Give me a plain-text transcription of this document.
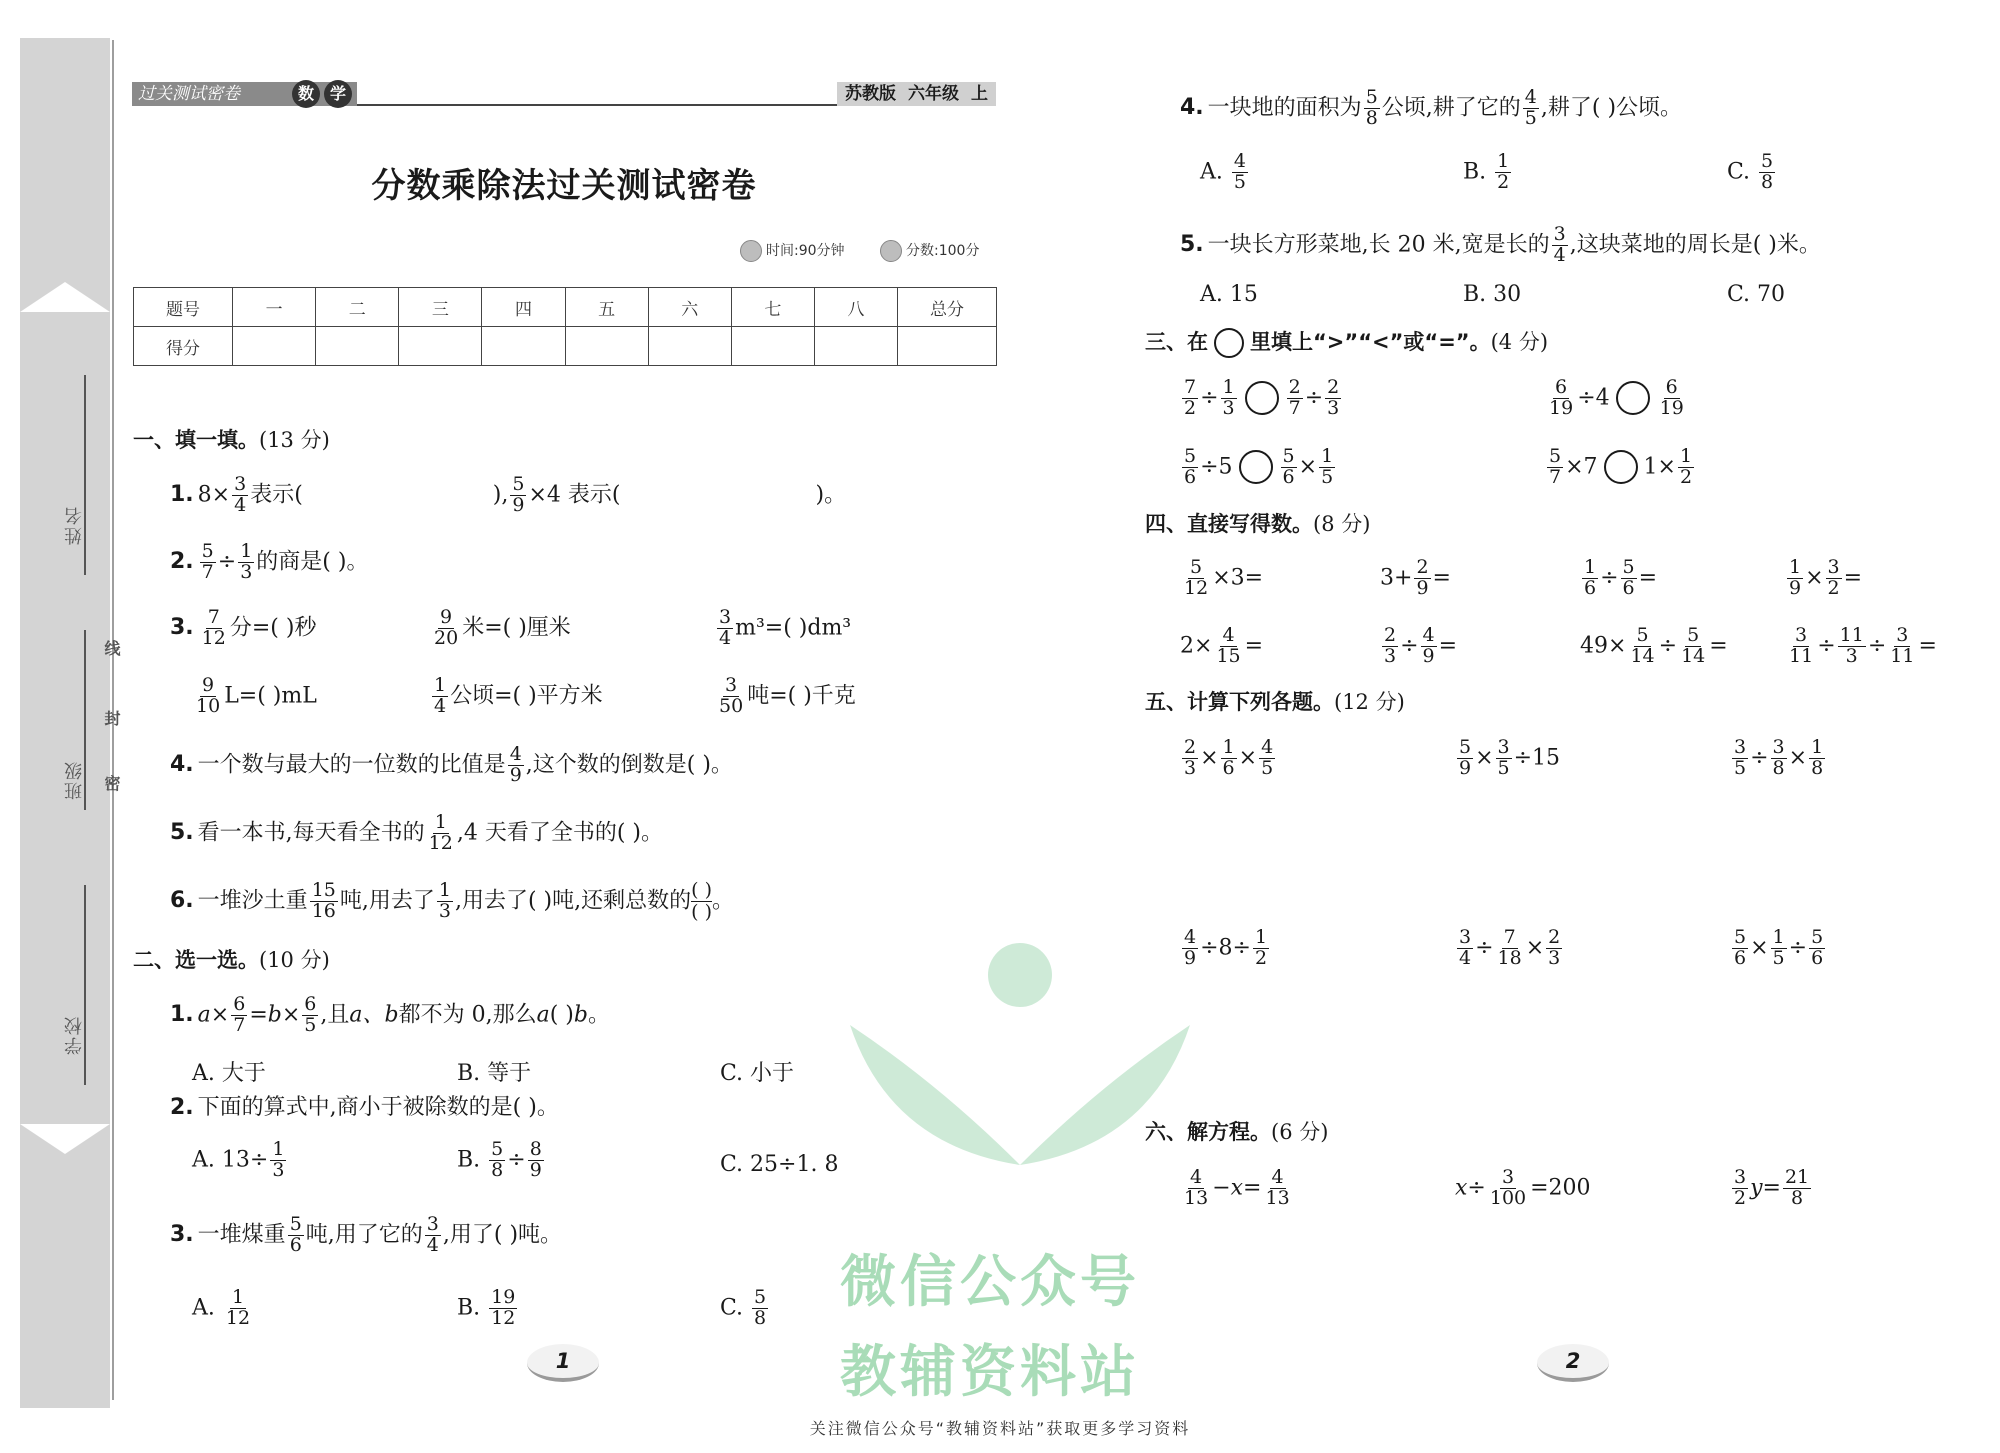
姓名
班级
学校
线
封
密
过关测试密卷	数 学	苏教版 六年级 上
分数乘除法过关测试密卷
时间:90分钟	分数:100分
题号	一	二	三	四	五	六	七	八	总分
得分									
一、填一填。(13 分)
1. $8\times \frac{3}{4}$ 表示(	), $\frac{5}{9} \times 4$ 表示(	)。
2. $\frac{5}{7} \div \frac{1}{3}$ 的商是( )。
3. $\frac{7}{12}$ 分=( )秒	$\frac{9}{20}$ 米=( )厘米	$\frac{3}{4} m^3=$( )dm³
$\frac{9}{10} L=$( )mL	$\frac{1}{4}$ 公顷=( )平方米	$\frac{3}{50}$ 吨=( )千克
4. 一个数与最大的一位数的比值是 $\frac{4}{9}$ ,这个数的倒数是( )。
5. 看一本书,每天看全书的 $\frac{1}{12} ,4$ 天看了全书的( )。
6. 一堆沙土重 $\frac{15}{16}$ 吨,用去了 $\frac{1}{3}$ ,用去了( )吨,还剩总数的 $\frac{( )}{( )}$ 。
二、选一选。(10 分)
1. $a\times \frac{6}{7} =b\times \frac{6}{5}$ ,且a、b都不为 0,那么a( )b。
A. 大于	B. 等于	C. 小于
2. 下面的算式中,商小于被除数的是( )。
A. $13\div \frac{1}{3}$	B. $\frac{5}{8} \div \frac{8}{9}$	C. 25÷1. 8
3. 一堆煤重 $\frac{5}{6}$ 吨,用了它的 $\frac{3}{4}$ ,用了( )吨。
A. $\frac{1}{12}$	B. $\frac{19}{12}$	C. $\frac{5}{8}$
4. 一块地的面积为 $\frac{5}{8}$ 公顷,耕了它的 $\frac{4}{5}$ ,耕了( )公顷。
A. $\frac{4}{5}$	B. $\frac{1}{2}$	C. $\frac{5}{8}$
5. 一块长方形菜地,长 20 米,宽是长的 $\frac{3}{4}$ ,这块菜地的周长是( )米。
A. 15	B. 30	C. 70
三、在 里填上“>”“<”或“=”。(4 分)
$\frac{7}{2} \div \frac{1}{3}$	$\frac{2}{7} \div \frac{2}{3}$	$\frac{6}{19} \div 4$	$\frac{6}{19}$
$\frac{5}{6} \div 5$	$\frac{5}{6} \times \frac{1}{5}$	$\frac{5}{7} \times 7$ $1\times \frac{1}{2}$
四、直接写得数。(8 分)
$\frac{5}{12} \times 3=$	$3+ \frac{2}{9}$ =	$\frac{1}{6} \div \frac{5}{6}$ =	$\frac{1}{9} \times \frac{3}{2}$ =
$2\times \frac{4}{15}$ =	$\frac{2}{3} \div \frac{4}{9}$ =	$49\times \frac{5}{14} \div \frac{5}{14}$ =	$\frac{3}{11} \div \frac{11}{3} \div \frac{3}{11}$ =
五、计算下列各题。(12 分)
$\frac{2}{3} \times \frac{1}{6} \times \frac{4}{5}$	$\frac{5}{9} \times \frac{3}{5} \div 15$	$\frac{3}{5} \div \frac{3}{8} \times \frac{1}{8}$
$\frac{4}{9} \div 8\div \frac{1}{2}$	$\frac{3}{4} \div \frac{7}{18} \times \frac{2}{3}$	$\frac{5}{6} \times \frac{1}{5} \div \frac{5}{6}$
六、解方程。(6 分)
$\frac{4}{13} -x= \frac{4}{13}$	$x\div \frac{3}{100} =200$	$\frac{3}{2} y= \frac{21}{8}$
微信公众号
教辅资料站
1	2
关注微信公众号“教辅资料站”获取更多学习资料
